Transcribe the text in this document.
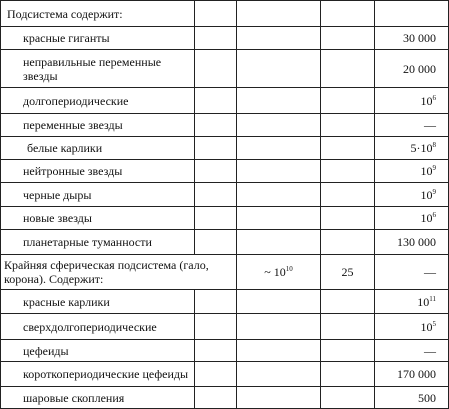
Подсистема содержит:				
красные гиганты				30 000
неправильные переменные звезды				20 000
долгопериодические				$10^6$
переменные звезды				—
белые карлики				$5\cdot 10^8$
нейтронные звезды				$10^9$
черные дыры				$10^9$
новые звезды				$10^6$
планетарные туманности				130 000
Крайняя сферическая подсистема (гало, корона). Содержит:		~ $10^{10}$	25	—
красные карлики				$10^{11}$
сверхдолгопериодические				$10^5$
цефеиды				—
короткопериодические цефеиды				170 000
шаровые скопления				500
